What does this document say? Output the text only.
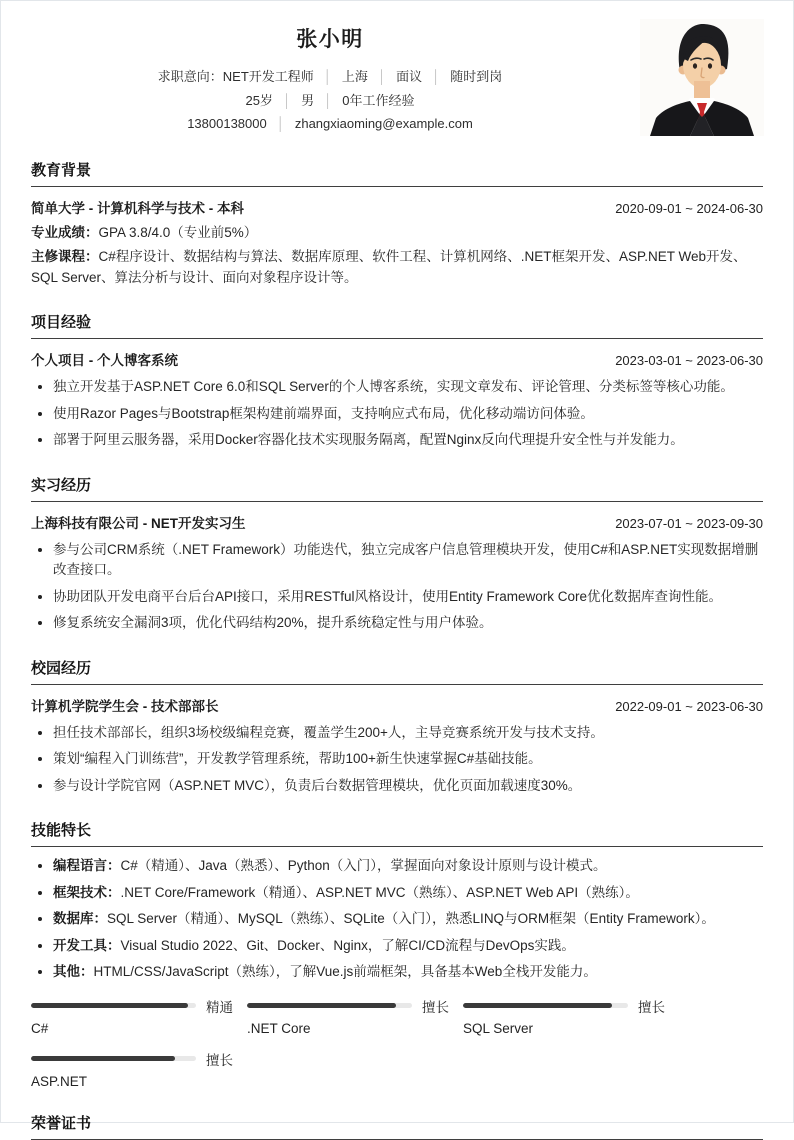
张小明
求职意向：NET开发工程师 │ 上海 │ 面议 │ 随时到岗
25岁 │ 男 │ 0年工作经验
13800138000 │ zhangxiaoming@example.com
教育背景
简单大学 - 计算机科学与技术 - 本科	2020-09-01 ~ 2024-06-30

专业成绩：GPA 3.8/4.0（专业前5%）

主修课程：C#程序设计、数据结构与算法、数据库原理、软件工程、计算机网络、.NET框架开发、ASP.NET Web开发、SQL Server、算法分析与设计、面向对象程序设计等。

项目经验
个人项目 - 个人博客系统	2023-03-01 ~ 2023-06-30
独立开发基于ASP.NET Core 6.0和SQL Server的个人博客系统，实现文章发布、评论管理、分类标签等核心功能。
使用Razor Pages与Bootstrap框架构建前端界面，支持响应式布局，优化移动端访问体验。
部署于阿里云服务器，采用Docker容器化技术实现服务隔离，配置Nginx反向代理提升安全性与并发能力。
实习经历
上海科技有限公司 - NET开发实习生	2023-07-01 ~ 2023-09-30
参与公司CRM系统（.NET Framework）功能迭代，独立完成客户信息管理模块开发，使用C#和ASP.NET实现数据增删改查接口。
协助团队开发电商平台后台API接口，采用RESTful风格设计，使用Entity Framework Core优化数据库查询性能。
修复系统安全漏洞3项，优化代码结构20%，提升系统稳定性与用户体验。
校园经历
计算机学院学生会 - 技术部部长	2022-09-01 ~ 2023-06-30
担任技术部部长，组织3场校级编程竞赛，覆盖学生200+人，主导竞赛系统开发与技术支持。
策划“编程入门训练营”，开发教学管理系统，帮助100+新生快速掌握C#基础技能。
参与设计学院官网（ASP.NET MVC），负责后台数据管理模块，优化页面加载速度30%。
技能特长
编程语言：C#（精通）、Java（熟悉）、Python（入门），掌握面向对象设计原则与设计模式。
框架技术：.NET Core/Framework（精通）、ASP.NET MVC（熟练）、ASP.NET Web API（熟练）。
数据库：SQL Server（精通）、MySQL（熟练）、SQLite（入门），熟悉LINQ与ORM框架（Entity Framework）。
开发工具：Visual Studio 2022、Git、Docker、Nginx，了解CI/CD流程与DevOps实践。
其他：HTML/CSS/JavaScript（熟练），了解Vue.js前端框架，具备基本Web全栈开发能力。
精通
C#
擅长
.NET Core
擅长
SQL Server
擅长
ASP.NET
荣誉证书
